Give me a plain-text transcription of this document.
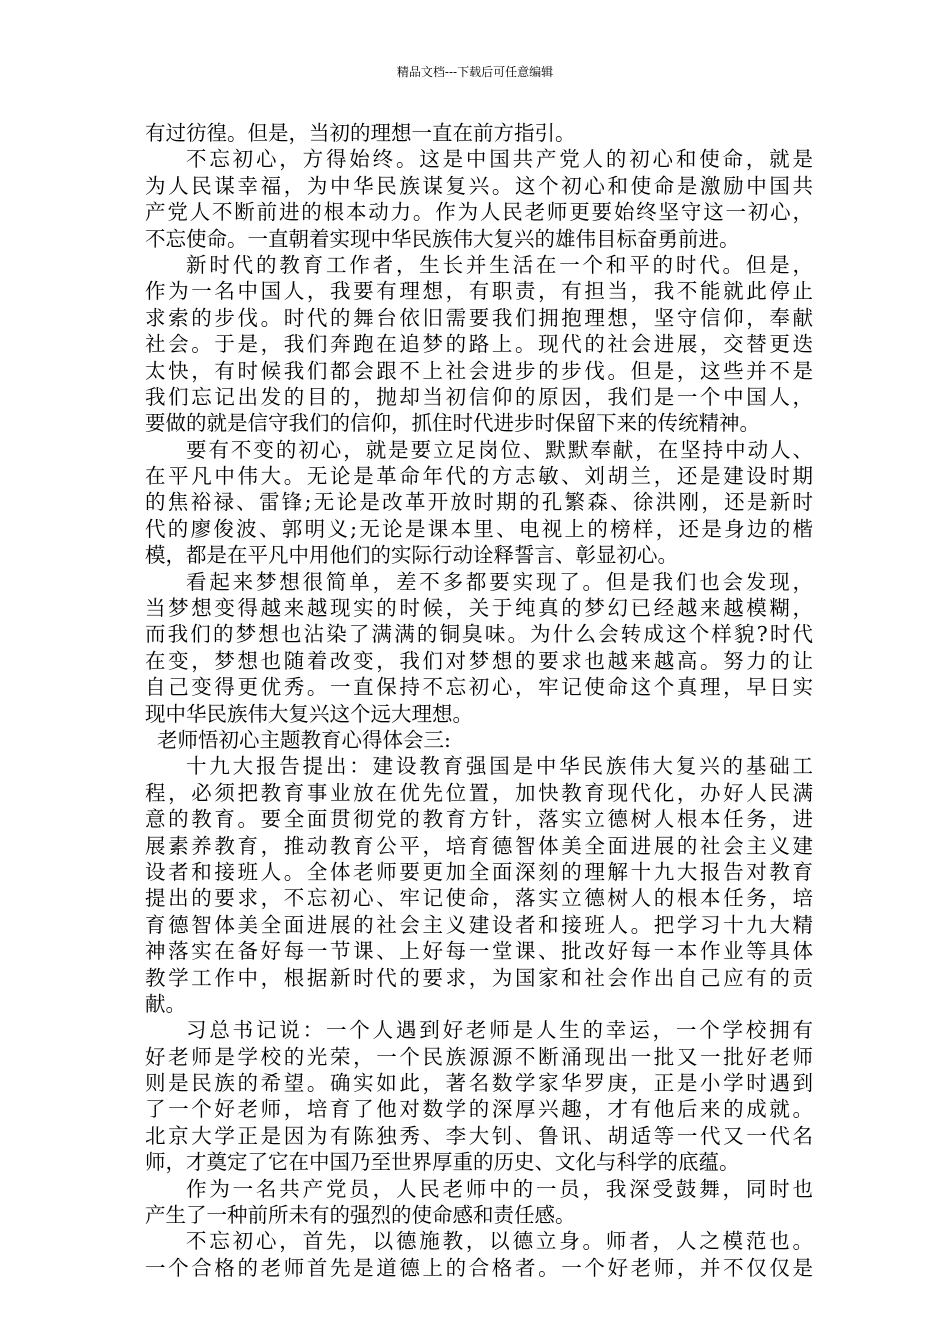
精品文档---下载后可任意编辑
有过彷徨。但是，当初的理想一直在前方指引。
不忘初心，方得始终。这是中国共产党人的初心和使命，就是
为人民谋幸福，为中华民族谋复兴。这个初心和使命是激励中国共
产党人不断前进的根本动力。作为人民老师更要始终坚守这一初心，
不忘使命。一直朝着实现中华民族伟大复兴的雄伟目标奋勇前进。
新时代的教育工作者，生长并生活在一个和平的时代。但是，
作为一名中国人，我要有理想，有职责，有担当，我不能就此停止
求索的步伐。时代的舞台依旧需要我们拥抱理想，坚守信仰，奉献
社会。于是，我们奔跑在追梦的路上。现代的社会进展，交替更迭
太快，有时候我们都会跟不上社会进步的步伐。但是，这些并不是
我们忘记出发的目的，抛却当初信仰的原因，我们是一个中国人，
要做的就是信守我们的信仰，抓住时代进步时保留下来的传统精神。
要有不变的初心，就是要立足岗位、默默奉献，在坚持中动人、
在平凡中伟大。无论是革命年代的方志敏、刘胡兰，还是建设时期
的焦裕禄、雷锋;无论是改革开放时期的孔繁森、徐洪刚，还是新时
代的廖俊波、郭明义;无论是课本里、电视上的榜样，还是身边的楷
模，都是在平凡中用他们的实际行动诠释誓言、彰显初心。
看起来梦想很简单，差不多都要实现了。但是我们也会发现，
当梦想变得越来越现实的时候，关于纯真的梦幻已经越来越模糊，
而我们的梦想也沾染了满满的铜臭味。为什么会转成这个样貌?时代
在变，梦想也随着改变，我们对梦想的要求也越来越高。努力的让
自己变得更优秀。一直保持不忘初心，牢记使命这个真理，早日实
现中华民族伟大复兴这个远大理想。
老师悟初心主题教育心得体会三:
十九大报告提出：建设教育强国是中华民族伟大复兴的基础工
程，必须把教育事业放在优先位置，加快教育现代化，办好人民满
意的教育。要全面贯彻党的教育方针，落实立德树人根本任务，进
展素养教育，推动教育公平，培育德智体美全面进展的社会主义建
设者和接班人。全体老师要更加全面深刻的理解十九大报告对教育
提出的要求，不忘初心、牢记使命，落实立德树人的根本任务，培
育德智体美全面进展的社会主义建设者和接班人。把学习十九大精
神落实在备好每一节课、上好每一堂课、批改好每一本作业等具体
教学工作中，根据新时代的要求，为国家和社会作出自己应有的贡
献。
习总书记说：一个人遇到好老师是人生的幸运，一个学校拥有
好老师是学校的光荣，一个民族源源不断涌现出一批又一批好老师
则是民族的希望。确实如此，著名数学家华罗庚，正是小学时遇到
了一个好老师，培育了他对数学的深厚兴趣，才有他后来的成就。
北京大学正是因为有陈独秀、李大钊、鲁讯、胡适等一代又一代名
师，才奠定了它在中国乃至世界厚重的历史、文化与科学的底蕴。
作为一名共产党员，人民老师中的一员，我深受鼓舞，同时也
产生了一种前所未有的强烈的使命感和责任感。
不忘初心，首先，以德施教，以德立身。师者，人之模范也。
一个合格的老师首先是道德上的合格者。一个好老师，并不仅仅是
